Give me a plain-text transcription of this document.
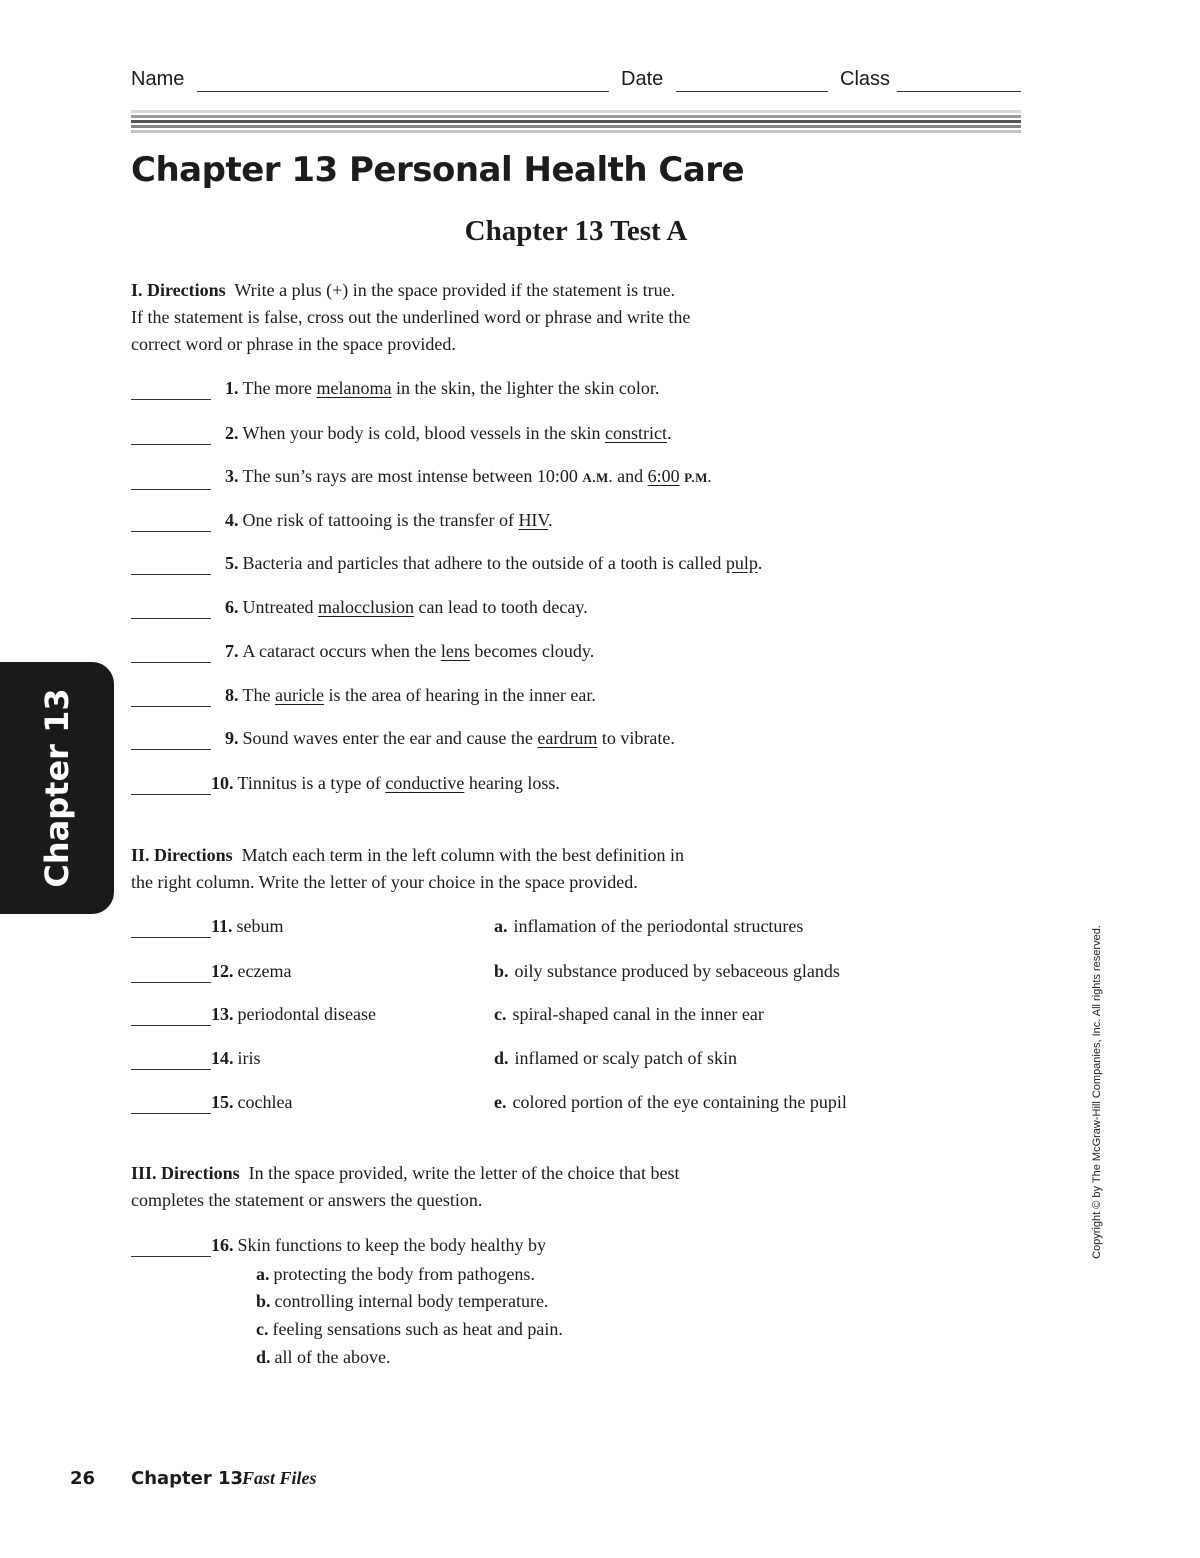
Name	Date	Class
Chapter 13 Personal Health Care
Chapter 13 Test A
I. Directions Write a plus (+) in the space provided if the statement is true.
If the statement is false, cross out the underlined word or phrase and write the
correct word or phrase in the space provided.
1. The more melanoma in the skin, the lighter the skin color.
2. When your body is cold, blood vessels in the skin constrict.
3. The sun’s rays are most intense between 10:00 A.M. and 6:00 P.M.
4. One risk of tattooing is the transfer of HIV.
5. Bacteria and particles that adhere to the outside of a tooth is called pulp.
6. Untreated malocclusion can lead to tooth decay.
7. A cataract occurs when the lens becomes cloudy.
8. The auricle is the area of hearing in the inner ear.
9. Sound waves enter the ear and cause the eardrum to vibrate.
10. Tinnitus is a type of conductive hearing loss.
II. Directions Match each term in the left column with the best definition in
the right column. Write the letter of your choice in the space provided.
11. sebum
12. eczema
13. periodontal disease
14. iris
15. cochlea
a. inflamation of the periodontal structures
b. oily substance produced by sebaceous glands
c. spiral-shaped canal in the inner ear
d. inflamed or scaly patch of skin
e. colored portion of the eye containing the pupil
III. Directions In the space provided, write the letter of the choice that best
completes the statement or answers the question.
16. Skin functions to keep the body healthy by
a. protecting the body from pathogens.
b. controlling internal body temperature.
c. feeling sensations such as heat and pain.
d. all of the above.
Chapter 13
Copyright © by The McGraw-Hill Companies, Inc. All rights reserved.
26 Chapter 13
Fast Files
